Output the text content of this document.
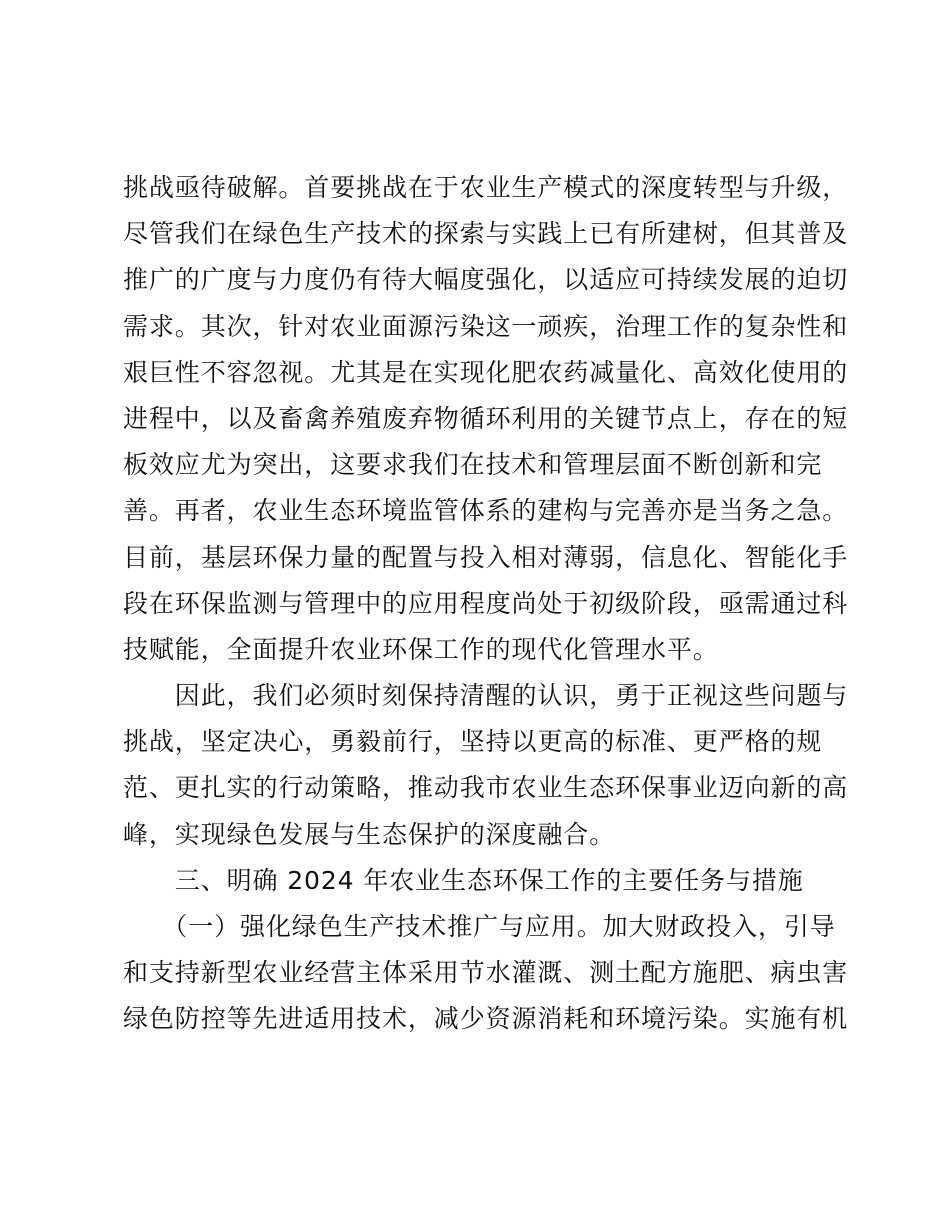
挑战亟待破解。首要挑战在于农业生产模式的深度转型与升级，
尽管我们在绿色生产技术的探索与实践上已有所建树，但其普及
推广的广度与力度仍有待大幅度强化，以适应可持续发展的迫切
需求。其次，针对农业面源污染这一顽疾，治理工作的复杂性和
艰巨性不容忽视。尤其是在实现化肥农药减量化、高效化使用的
进程中，以及畜禽养殖废弃物循环利用的关键节点上，存在的短
板效应尤为突出，这要求我们在技术和管理层面不断创新和完
善。再者，农业生态环境监管体系的建构与完善亦是当务之急。
目前，基层环保力量的配置与投入相对薄弱，信息化、智能化手
段在环保监测与管理中的应用程度尚处于初级阶段，亟需通过科
技赋能，全面提升农业环保工作的现代化管理水平。
　　因此，我们必须时刻保持清醒的认识，勇于正视这些问题与
挑战，坚定决心，勇毅前行，坚持以更高的标准、更严格的规
范、更扎实的行动策略，推动我市农业生态环保事业迈向新的高
峰，实现绿色发展与生态保护的深度融合。
　　三、明确 2024 年农业生态环保工作的主要任务与措施
　　（一）强化绿色生产技术推广与应用。加大财政投入，引导
和支持新型农业经营主体采用节水灌溉、测土配方施肥、病虫害
绿色防控等先进适用技术，减少资源消耗和环境污染。实施有机
